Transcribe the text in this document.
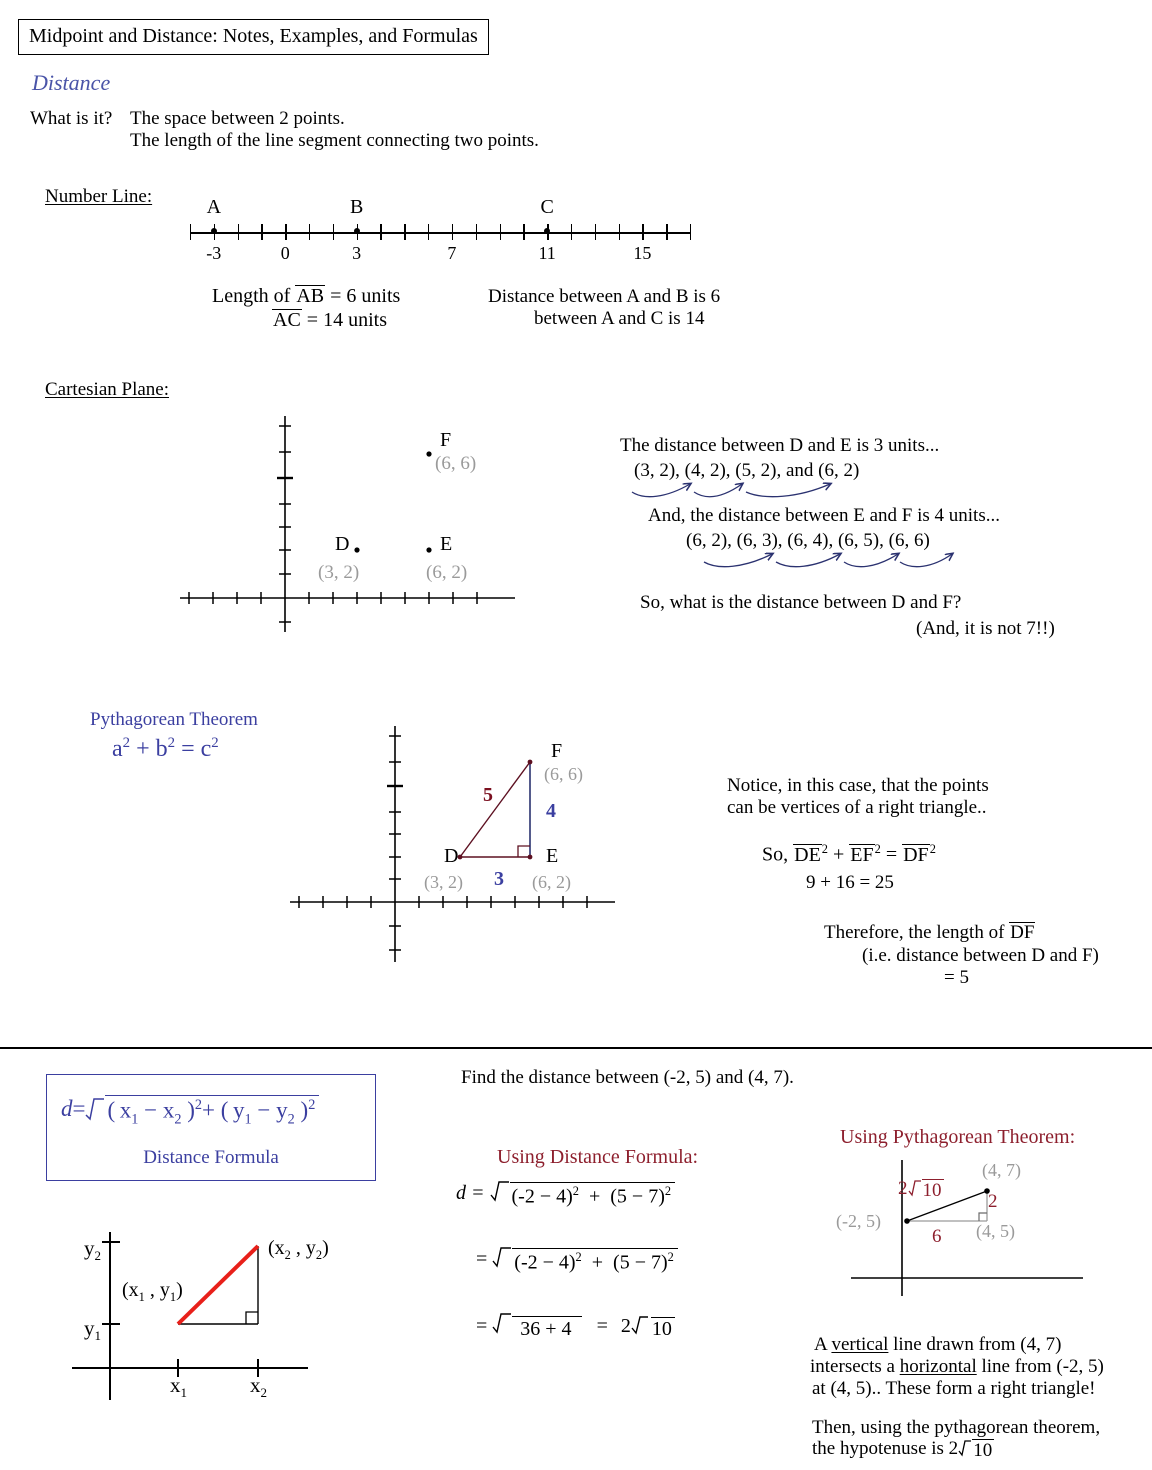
Midpoint and Distance: Notes, Examples, and Formulas
Distance
What is it? The space between 2 points.
The length of the line segment connecting two points.
Number Line:
-3	0	3	7	11	15
A	B	C
Length of AB = 6 units
AC = 14 units
Distance between A and B is 6
between A and C is 14
Cartesian Plane:
D
(3, 2)
E
(6, 2)
F
(6, 6)
The distance between D and E is 3 units...
(3, 2), (4, 2), (5, 2), and (6, 2)
And, the distance between E and F is 4 units...
(6, 2), (6, 3), (6, 4), (6, 5), (6, 6)
So, what is the distance between D and F?
(And, it is not 7!!)
Pythagorean Theorem
$a^2 + b^2 = c^2$
D
(3, 2)
E
(6, 2)
F
(6, 6)
5
4
3
Notice, in this case, that the points
can be vertices of a right triangle..
So, $DE^2 + EF^2 = DF^2$
9 + 16 = 25
Therefore, the length of DF
(i.e. distance between D and F)
= 5
d= ( $x_1 - x_2$ )$^2$+ ( $y_1 - y_2$ )$^2$
Distance Formula
$y_2$
$y_1$
$x_1$	$x_2$
($x_1$ , $y_1$)
($x_2$ , $y_2$)
Find the distance between (-2, 5) and (4, 7).
Using Distance Formula:
$d = (-2 - 4)^2 + (5 - 7)^2$
= $(-2 - 4)^2 + (5 - 7)^2$
=	36 + 4	= 2 10
Using Pythagorean Theorem:
2 10
2
6
(4, 7)
(-2, 5)	(4, 5)
A vertical line drawn from (4, 7)
intersects a horizontal line from (-2, 5)
at (4, 5).. These form a right triangle!
Then, using the pythagorean theorem,
the hypotenuse is 2 10
